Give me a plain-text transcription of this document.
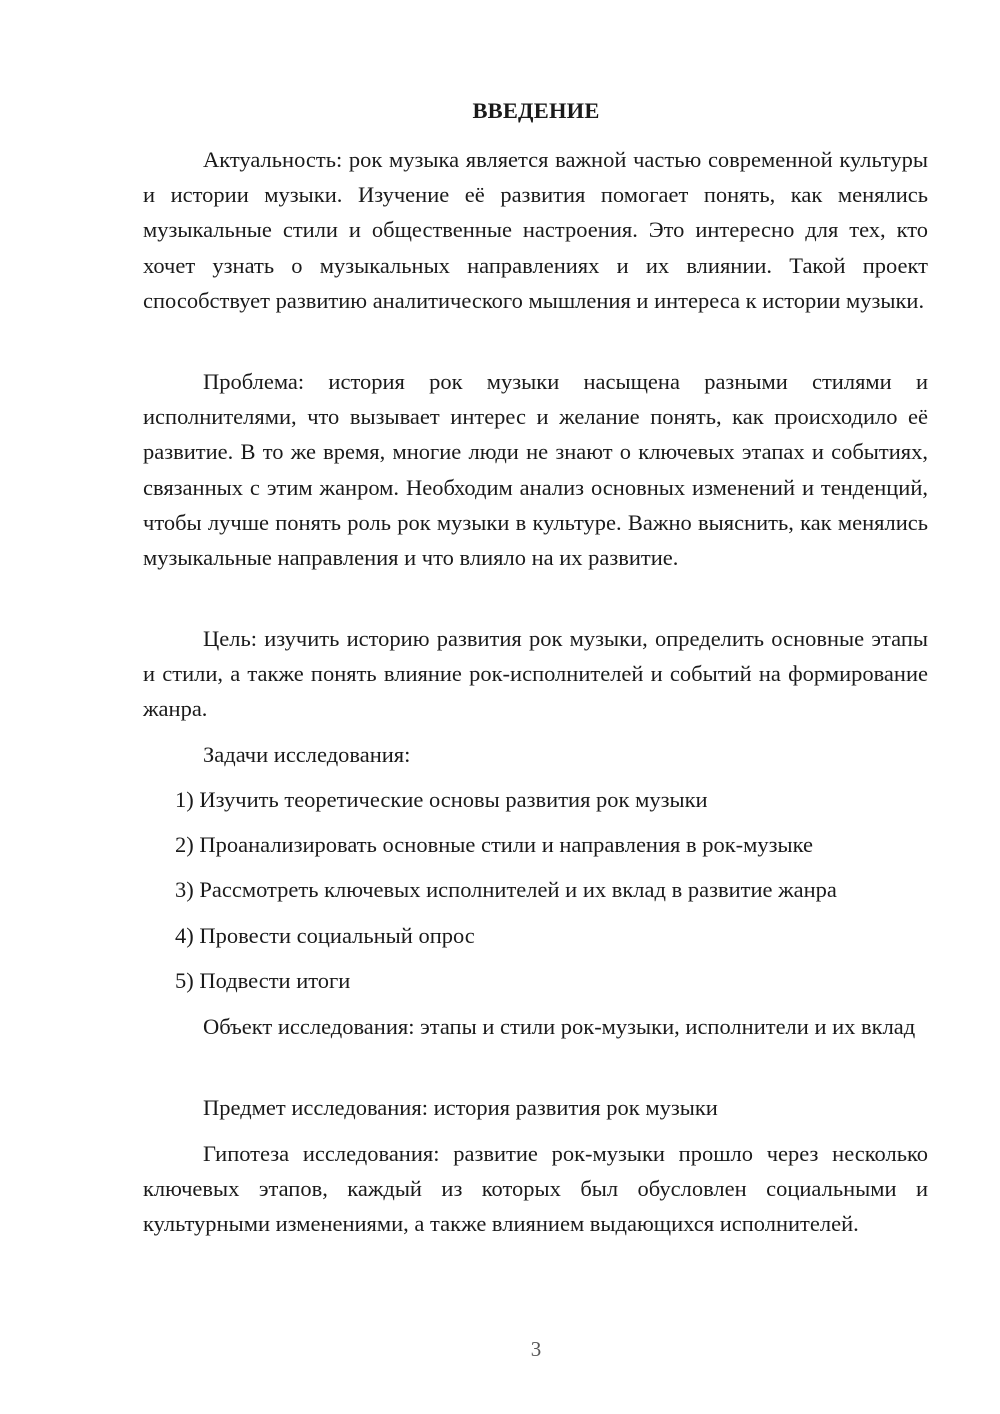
ВВЕДЕНИЕ

Актуальность: рок музыка является важной частью современной культуры и истории музыки. Изучение её развития помогает понять, как менялись музыкальные стили и общественные настроения. Это интересно для тех, кто хочет узнать о музыкальных направлениях и их влиянии. Такой проект способствует развитию аналитического мышления и интереса к истории музыки.

Проблема: история рок музыки насыщена разными стилями и исполнителями, что вызывает интерес и желание понять, как происходило её развитие. В то же время, многие люди не знают о ключевых этапах и событиях, связанных с этим жанром. Необходим анализ основных изменений и тенденций, чтобы лучше понять роль рок музыки в культуре. Важно выяснить, как менялись музыкальные направления и что влияло на их развитие.

Цель: изучить историю развития рок музыки, определить основные этапы и стили, а также понять влияние рок-исполнителей и событий на формирование жанра.

Задачи исследования:

1) Изучить теоретические основы развития рок музыки

2) Проанализировать основные стили и направления в рок-музыке

3) Рассмотреть ключевых исполнителей и их вклад в развитие жанра

4) Провести социальный опрос

5) Подвести итоги

Объект исследования: этапы и стили рок-музыки, исполнители и их вклад

Предмет исследования: история развития рок музыки

Гипотеза исследования: развитие рок-музыки прошло через несколько ключевых этапов, каждый из которых был обусловлен социальными и культурными изменениями, а также влиянием выдающихся исполнителей.

3
